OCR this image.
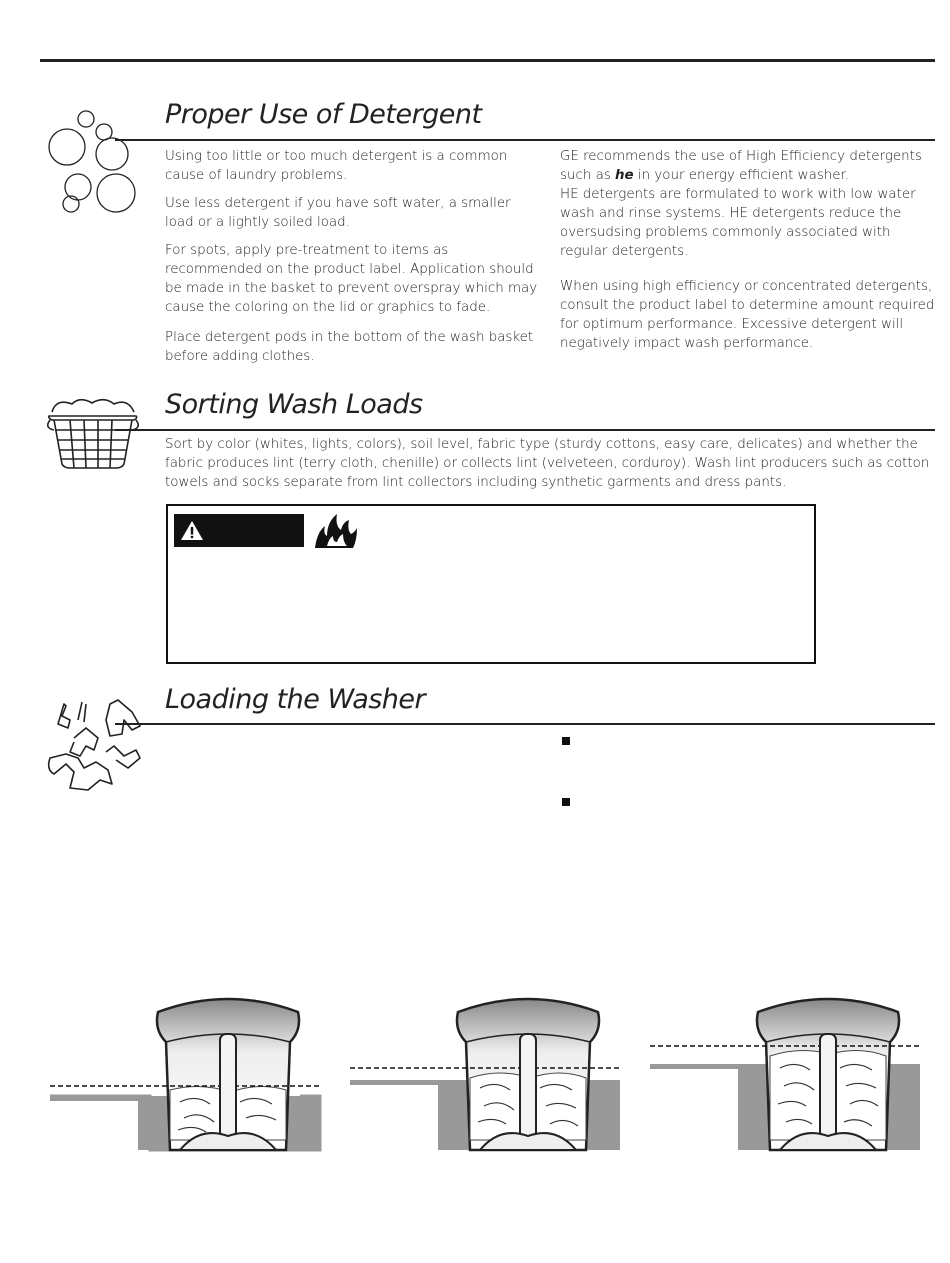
Proper Use of Detergent

Using too little or too much detergent is a common cause of laundry problems.

Use less detergent if you have soft water, a smaller load or a lightly soiled load.

For spots, apply pre-treatment to items as recommended on the product label. Application should be made in the basket to prevent overspray which may cause the coloring on the lid or graphics to fade.

Place detergent pods in the bottom of the wash basket before adding clothes.

GE recommends the use of High Efficiency detergents such as he in your energy efficient washer.
HE detergents are formulated to work with low water wash and rinse systems. HE detergents reduce the oversudsing problems commonly associated with regular detergents.

When using high efficiency or concentrated detergents, consult the product label to determine amount required for optimum performance. Excessive detergent will negatively impact wash performance.

Sorting Wash Loads

Sort by color (whites, lights, colors), soil level, fabric type (sturdy cottons, easy care, delicates) and whether the fabric produces lint (terry cloth, chenille) or collects lint (velveteen, corduroy). Wash lint producers such as cotton towels and socks separate from lint collectors including synthetic garments and dress pants.

Loading the Washer
